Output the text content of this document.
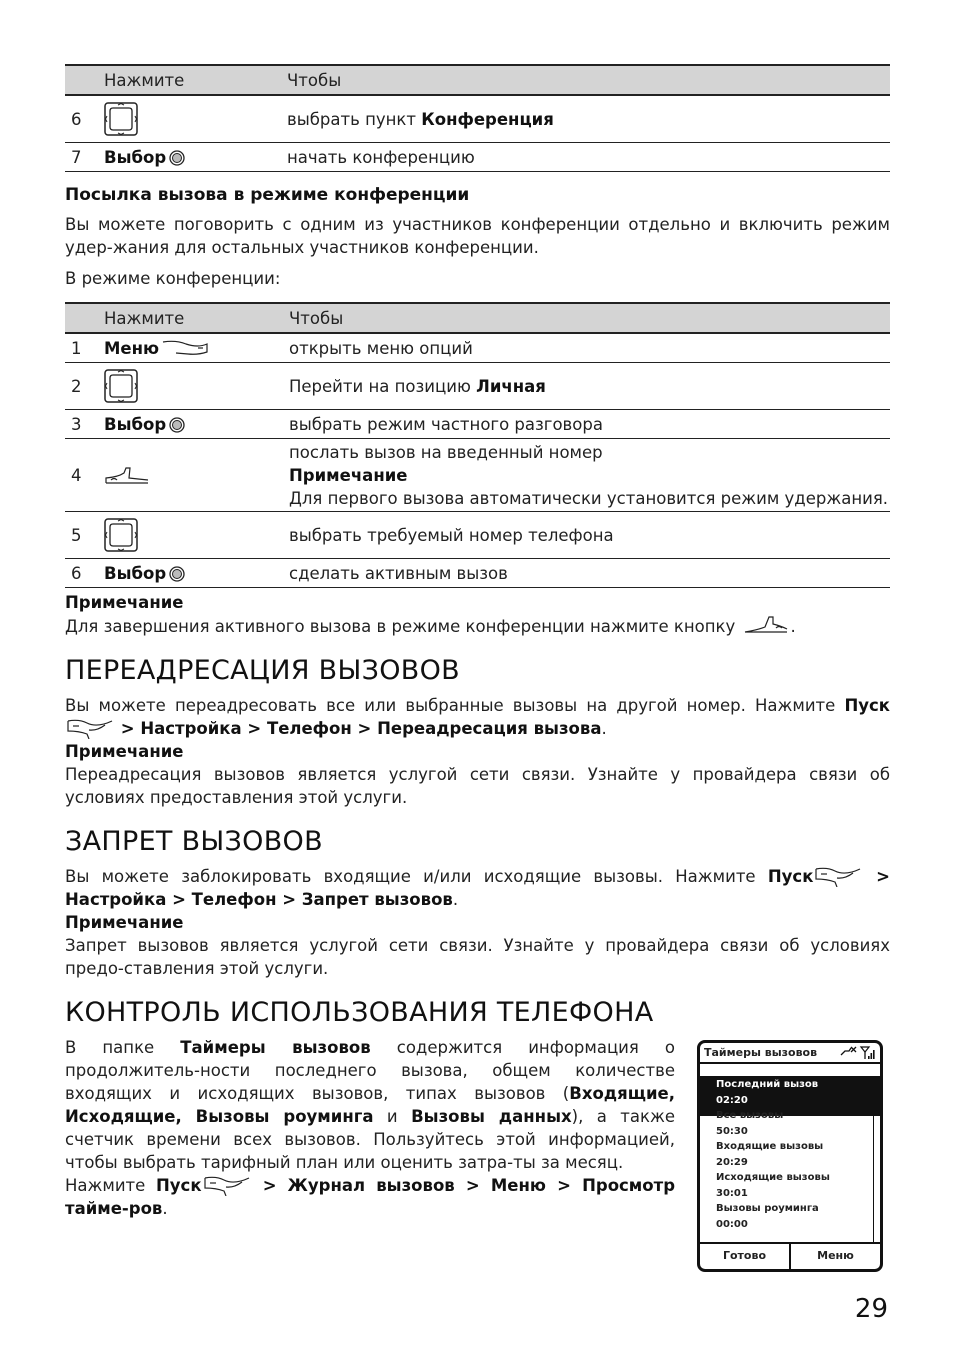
	Нажмите	Чтобы
6		выбрать пункт Конференция
7	Выбор	начать конференцию
Посылка вызова в режиме конференции

Вы можете поговорить с одним из участников конференции отдельно и включить режим удер-жания для остальных участников конференции.

В режиме конференции:

	Нажмите	Чтобы
1	Меню	открыть меню опций
2		Перейти на позицию Личная
3	Выбор	выбрать режим частного разговора
4		послать вызов на введенный номер
Примечание
Для первого вызова автоматически установится режим удержания.

5		выбрать требуемый номер телефона
6	Выбор	сделать активным вызов
Примечание

Для завершения активного вызова в режиме конференции нажмите кнопку	.

ПЕРЕАДРЕСАЦИЯ ВЫЗОВОВ

Вы можете переадресовать все или выбранные вызовы на другой номер. Нажмите Пуск > Настройка > Телефон > Переадресация вызова.

Примечание

Переадресация вызовов является услугой сети связи. Узнайте у провайдера связи об условиях предоставления этой услуги.

ЗАПРЕТ ВЫЗОВОВ

Вы можете заблокировать входящие и/или исходящие вызовы. Нажмите Пуск	> Настройка > Телефон > Запрет вызовов.

Примечание

Запрет вызовов является услугой сети связи. Узнайте у провайдера связи об условиях предо-ставления этой услуги.

КОНТРОЛЬ ИСПОЛЬЗОВАНИЯ ТЕЛЕФОНА

В папке Таймеры вызовов содержится информация о продолжитель-ности последнего вызова, общем количестве входящих и исходящих вызовов, типах вызовов (Входящие, Исходящие, Вызовы роуминга и Вызовы данных), а также счетчик времени всех вызовов. Пользуйтесь этой информацией, чтобы выбрать тарифный план или оценить затра-ты за месяц.

Нажмите Пуск	> Журнал вызовов > Меню > Просмотр тайме-ров.

Таймеры вызовов
Последний вызов
02:20
Все вызовы
50:30
Входящие вызовы
20:29
Исходящие вызовы
30:01
Вызовы роуминга
00:00
Готово	Меню
29
